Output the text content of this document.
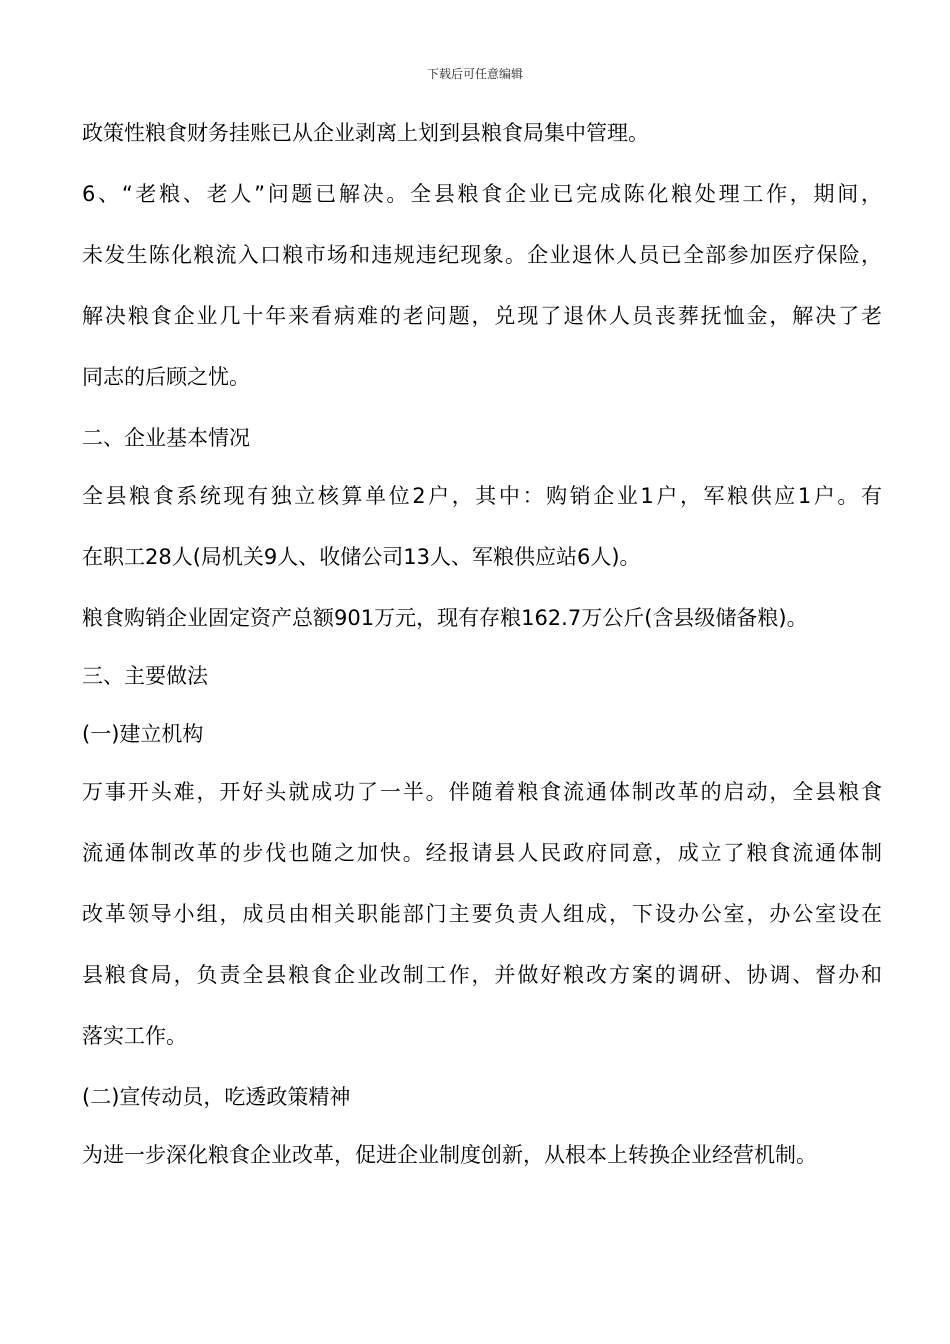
下载后可任意编辑
政策性粮食财务挂账已从企业剥离上划到县粮食局集中管理。
6、“老粮、老人”问题已解决。全县粮食企业已完成陈化粮处理工作，期间，
未发生陈化粮流入口粮市场和违规违纪现象。企业退休人员已全部参加医疗保险，
解决粮食企业几十年来看病难的老问题，兑现了退休人员丧葬抚恤金，解决了老
同志的后顾之忧。
二、企业基本情况
全县粮食系统现有独立核算单位2户，其中：购销企业1户，军粮供应1户。有
在职工28人(局机关9人、收储公司13人、军粮供应站6人)。
粮食购销企业固定资产总额901万元，现有存粮162.7万公斤(含县级储备粮)。
三、主要做法
(一)建立机构
万事开头难，开好头就成功了一半。伴随着粮食流通体制改革的启动，全县粮食
流通体制改革的步伐也随之加快。经报请县人民政府同意，成立了粮食流通体制
改革领导小组，成员由相关职能部门主要负责人组成，下设办公室，办公室设在
县粮食局，负责全县粮食企业改制工作，并做好粮改方案的调研、协调、督办和
落实工作。
(二)宣传动员，吃透政策精神
为进一步深化粮食企业改革，促进企业制度创新，从根本上转换企业经营机制。
